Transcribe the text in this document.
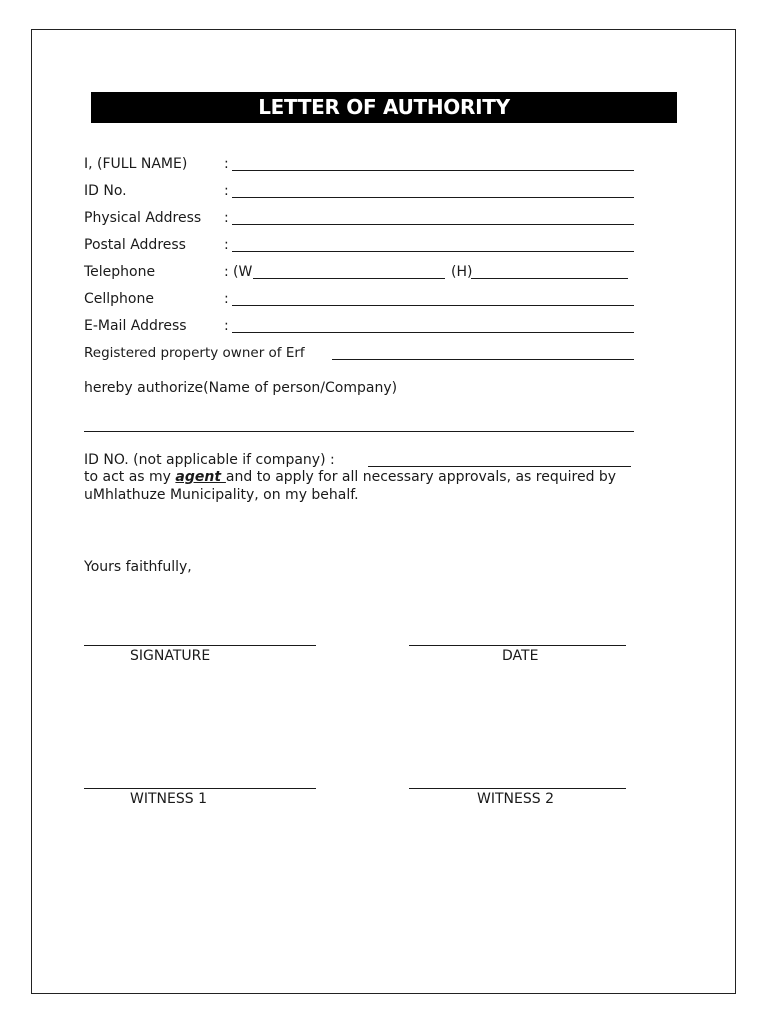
LETTER OF AUTHORITY
I, (FULL NAME)	:
ID No.	:
Physical Address :
Postal Address	:
Telephone	: (W	(H)
Cellphone	:
E-Mail Address	:
Registered property owner of Erf
hereby authorize(Name of person/Company)
ID NO. (not applicable if company) :
to act as my agent and to apply for all necessary approvals, as required by
uMhlathuze Municipality, on my behalf.
Yours faithfully,
SIGNATURE	DATE
WITNESS 1	WITNESS 2
